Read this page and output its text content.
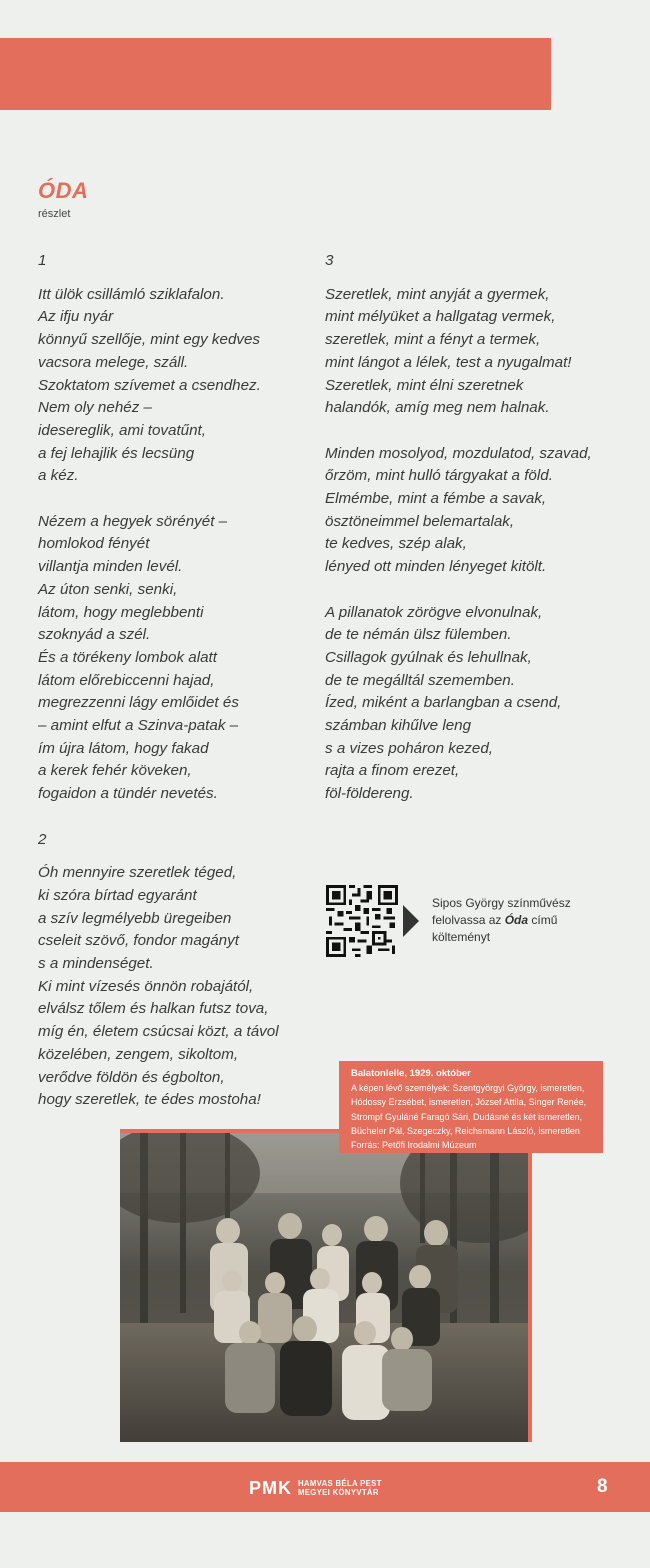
ÓDA
részlet
1
Itt ülök csillámló sziklafalon.
Az ifju nyár
könnyű szellője, mint egy kedves
vacsora melege, száll.
Szoktatom szívemet a csendhez.
Nem oly nehéz –
idesereglik, ami tovatűnt,
a fej lehajlik és lecsüng
a kéz.
Nézem a hegyek sörényét –
homlokod fényét
villantja minden levél.
Az úton senki, senki,
látom, hogy meglebbenti
szoknyád a szél.
És a törékeny lombok alatt
látom előrebiccenni hajad,
megrezzenni lágy emlőidet és
– amint elfut a Szinva-patak –
ím újra látom, hogy fakad
a kerek fehér köveken,
fogaidon a tündér nevetés.
2
Óh mennyire szeretlek téged,
ki szóra bírtad egyaránt
a szív legmélyebb üregeiben
cseleit szövő, fondor magányt
s a mindenséget.
Ki mint vízesés önnön robajától,
elválsz tőlem és halkan futsz tova,
míg én, életem csúcsai közt, a távol
közelében, zengem, sikoltom,
verődve földön és égbolton,
hogy szeretlek, te édes mostoha!
3
Szeretlek, mint anyját a gyermek,
mint mélyüket a hallgatag vermek,
szeretlek, mint a fényt a termek,
mint lángot a lélek, test a nyugalmat!
Szeretlek, mint élni szeretnek
halandók, amíg meg nem halnak.
Minden mosolyod, mozdulatod, szavad,
őrzöm, mint hulló tárgyakat a föld.
Elmémbe, mint a fémbe a savak,
ösztöneimmel belemartalak,
te kedves, szép alak,
lényed ott minden lényeget kitölt.
A pillanatok zörögve elvonulnak,
de te némán ülsz fülemben.
Csillagok gyúlnak és lehullnak,
de te megálltál szememben.
Ízed, miként a barlangban a csend,
számban kihűlve leng
s a vizes poháron kezed,
rajta a finom erezet,
föl-földereng.
Sipos György színművész
felolvassa az Óda című
költeményt
Balatonlelle, 1929. október
A képen lévő személyek: Szentgyörgyi György, ismeretlen,
Hódossy Erzsébet, ismeretlen, József Attila, Singer Renée,
Strompf Gyuláné Faragó Sári, Dudásné és két ismeretlen,
Bücheler Pál, Szegeczky, Reichsmann László, ismeretlen
Forrás: Petőfi Irodalmi Múzeum
PMK HAMVAS BÉLA PEST
MEGYEI KÖNYVTÁR	8
